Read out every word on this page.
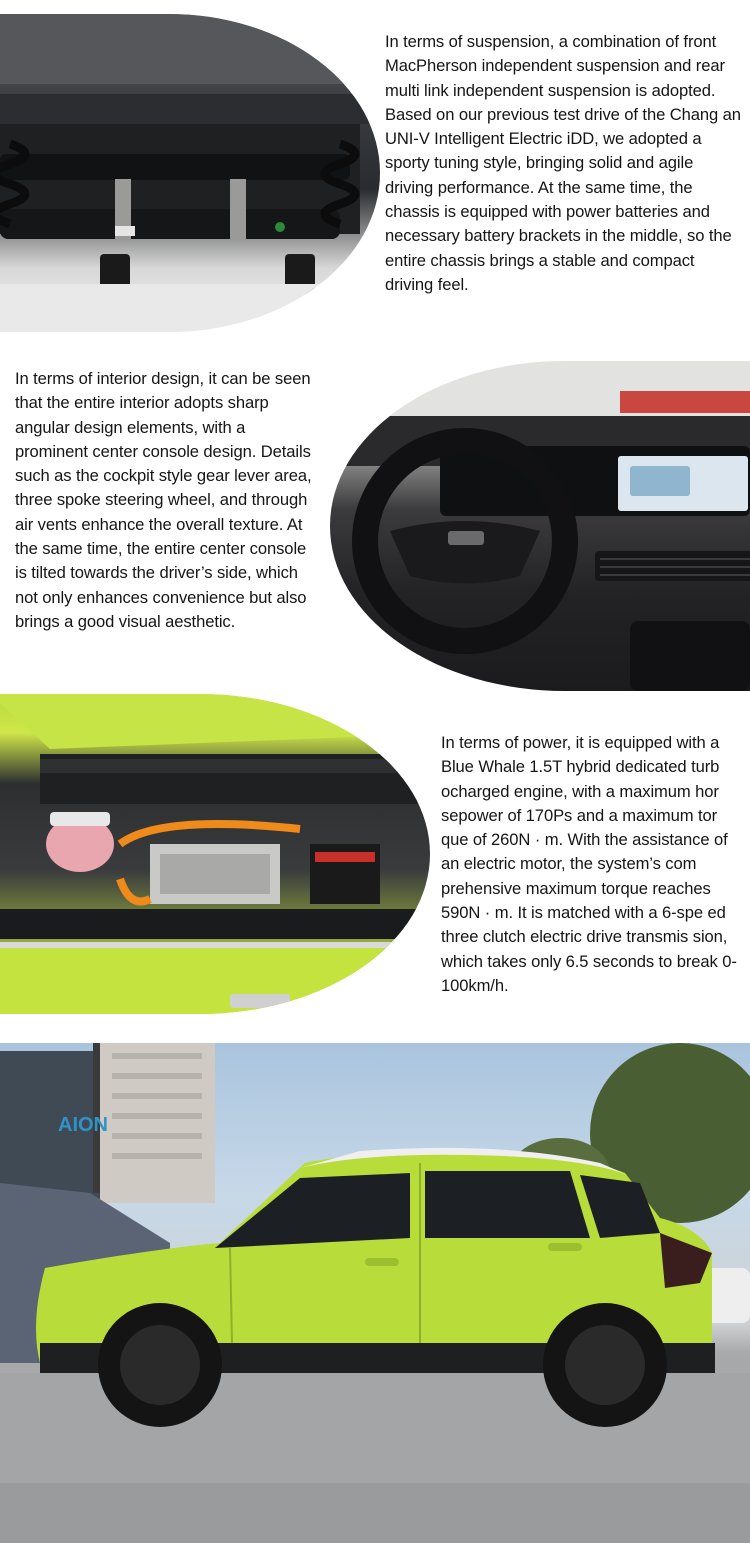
In terms of suspension, a combination of front MacPherson independent suspension and rear multi link independent suspension is adopted. Based on our previous test drive of the Chang an UNI-V Intelligent Electric iDD, we adopted a sporty tuning style, bringing solid and agile driving performance. At the same time, the chassis is equipped with power batteries and necessary battery brackets in the middle, so the entire chassis brings a stable and compact driving feel.

In terms of interior design, it can be seen that the entire interior adopts sharp angular design elements, with a prominent center console design. Details such as the cockpit style gear lever area, three spoke steering wheel, and through air vents enhance the overall texture. At the same time, the entire center console is tilted towards the driver’s side, which not only enhances convenience but also brings a good visual aesthetic.

In terms of power, it is equipped with a Blue Whale 1.5T hybrid dedicated turb ocharged engine, with a maximum hor sepower of 170Ps and a maximum tor que of 260N · m. With the assistance of an electric motor, the system’s com prehensive maximum torque reaches 590N · m. It is matched with a 6-spe ed three clutch electric drive transmis sion, which takes only 6.5 seconds to break 0-100km/h.

AION
